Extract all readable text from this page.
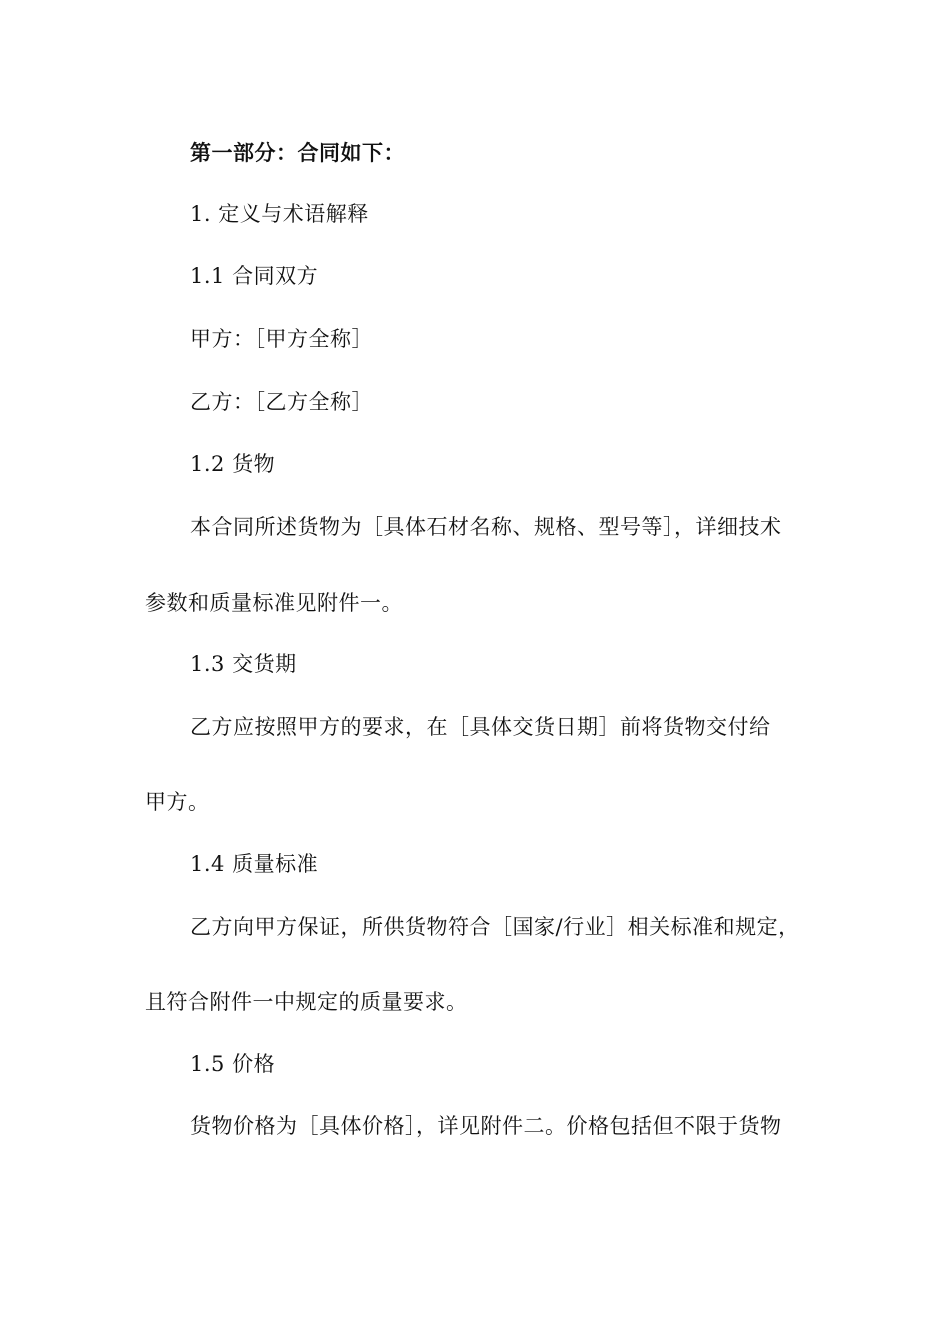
第一部分：合同如下：
1. 定义与术语解释
1.1 合同双方
甲方：［甲方全称］
乙方：［乙方全称］
1.2 货物
本合同所述货物为［具体石材名称、规格、型号等］，详细技术
参数和质量标准见附件一。
1.3 交货期
乙方应按照甲方的要求，在［具体交货日期］前将货物交付给
甲方。
1.4 质量标准
乙方向甲方保证，所供货物符合［国家/行业］相关标准和规定，
且符合附件一中规定的质量要求。
1.5 价格
货物价格为［具体价格］，详见附件二。价格包括但不限于货物
